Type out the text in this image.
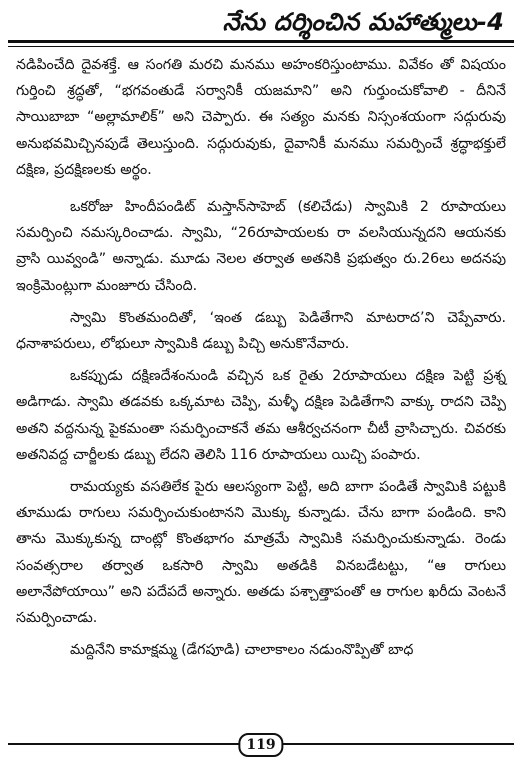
నేను దర్శించిన మహాత్ములు-4

నడిపించేది దైవశక్తే. ఆ సంగతి మరచి మనము అహంకరిస్తుంటాము. వివేకం తో విషయం గుర్తించి శ్రద్ధతో, “భగవంతుడే సర్వానికీ యజమాని” అని గుర్తుంచుకోవాలి - దీనినే సాయిబాబా “అల్లామాలిక్” అని చెప్పారు. ఈ సత్యం మనకు నిస్సంశయంగా సద్గురువు అనుభవమిచ్చినపుడే తెలుస్తుంది. సద్గురువుకు, దైవానికీ మనము సమర్పించే శ్రద్ధాభక్తులే దక్షిణ, ప్రదక్షిణలకు అర్థం.

ఒకరోజు హిందీపండిట్ మస్తాన్‌సాహెబ్ (కలిచేడు) స్వామికి 2 రూపాయలు సమర్పించి నమస్కరించాడు. స్వామి, “26రూపాయలకు రా వలసియున్నదని ఆయనకు వ్రాసి యివ్వండి” అన్నాడు. మూడు నెలల తర్వాత అతనికి ప్రభుత్వం రు.26లు అదనపు ఇంక్రిమెంట్లుగా మంజూరు చేసింది.

స్వామి కొంతమందితో, ‘ఇంత డబ్బు పెడితేగాని మాటరాద’ని చెప్పేవారు. ధనాశాపరులు, లోభులూ స్వామికి డబ్బు పిచ్చి అనుకొనేవారు.

ఒకప్పుడు దక్షిణదేశంనుండి వచ్చిన ఒక రైతు 2రూపాయలు దక్షిణ పెట్టి ప్రశ్న అడిగాడు. స్వామి తడవకు ఒక్కమాట చెప్పి, మళ్ళీ దక్షిణ పెడితేగాని వాక్కు రాదని చెప్పి అతని వద్దనున్న పైకమంతా సమర్పించాకనే తమ ఆశీర్వచనంగా చీటీ వ్రాసిచ్చారు. చివరకు అతనివద్ద చార్జీలకు డబ్బు లేదని తెలిసి 116 రూపాయలు యిచ్చి పంపారు.

రామయ్యకు వసతిలేక పైరు ఆలస్యంగా పెట్టి, అది బాగా పండితే స్వామికి పట్టుకి తూముడు రాగులు సమర్పించుకుంటానని మొక్కు కున్నాడు. చేను బాగా పండింది. కాని తాను మొక్కుకున్న దాంట్లో కొంతభాగం మాత్రమే స్వామికి సమర్పించుకున్నాడు. రెండు సంవత్సరాల తర్వాత ఒకసారి స్వామి అతడికి వినబడేటట్టు, “ఆ రాగులు అలానేపోయాయి” అని పదేపదే అన్నారు. అతడు పశ్చాత్తాపంతో ఆ రాగుల ఖరీదు వెంటనే సమర్పించాడు.

మద్దినేని కామాక్షమ్మ (డేగపూడి) చాలాకాలం నడుంనొప్పితో బాధ

119
